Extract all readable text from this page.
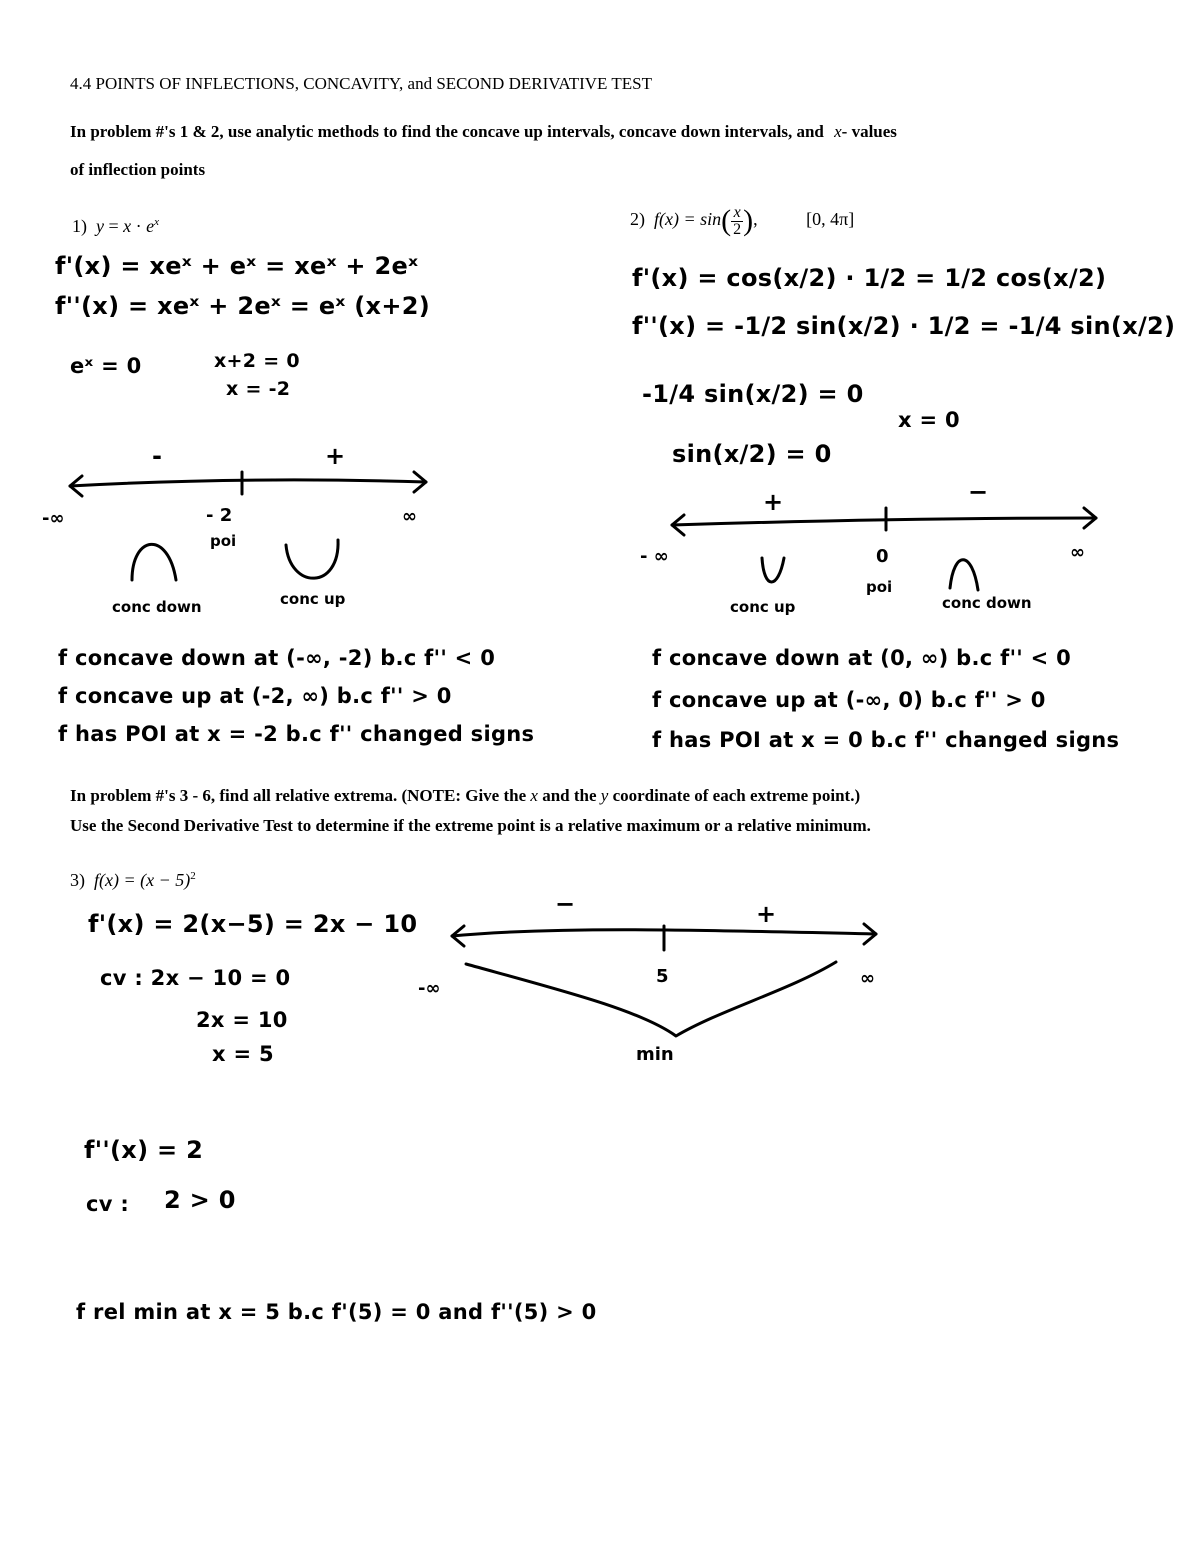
4.4 POINTS OF INFLECTIONS, CONCAVITY, and SECOND DERIVATIVE TEST
In problem #'s 1 & 2, use analytic methods to find the concave up intervals, concave down intervals, and x- values
of inflection points
1) $y = x \cdot e^x$
f'(x) = xeˣ + eˣ = xeˣ + 2eˣ
f''(x) = xeˣ + 2eˣ = eˣ (x+2)
eˣ = 0	x+2 = 0
x = -2
-	+
-∞	- 2	∞
poi
conc down	conc up
f concave down at (-∞, -2) b.c f'' < 0
f concave up at (-2, ∞) b.c f'' > 0
f has POI at x = -2 b.c f'' changed signs
2) $f(x) = \sin( \frac{x}{2}$ ),	[0, 4π]
f'(x) = cos(x/2) · 1/2 = 1/2 cos(x/2)
f''(x) = -1/2 sin(x/2) · 1/2 = -1/4 sin(x/2)
-1/4 sin(x/2) = 0
sin(x/2) = 0
x = 0
+	−
- ∞	0	∞
poi
conc up	conc down
f concave down at (0, ∞) b.c f'' < 0
f concave up at (-∞, 0) b.c f'' > 0
f has POI at x = 0 b.c f'' changed signs
In problem #'s 3 - 6, find all relative extrema. (NOTE: Give the x and the y coordinate of each extreme point.)
Use the Second Derivative Test to determine if the extreme point is a relative maximum or a relative minimum.
3) $f(x) = (x - 5)^2$
f'(x) = 2(x−5) = 2x − 10
cv : 2x − 10 = 0
2x = 10
x = 5
−	+
-∞
5	∞
min
f''(x) = 2
cv : 2 > 0
f rel min at x = 5 b.c f'(5) = 0 and f''(5) > 0
